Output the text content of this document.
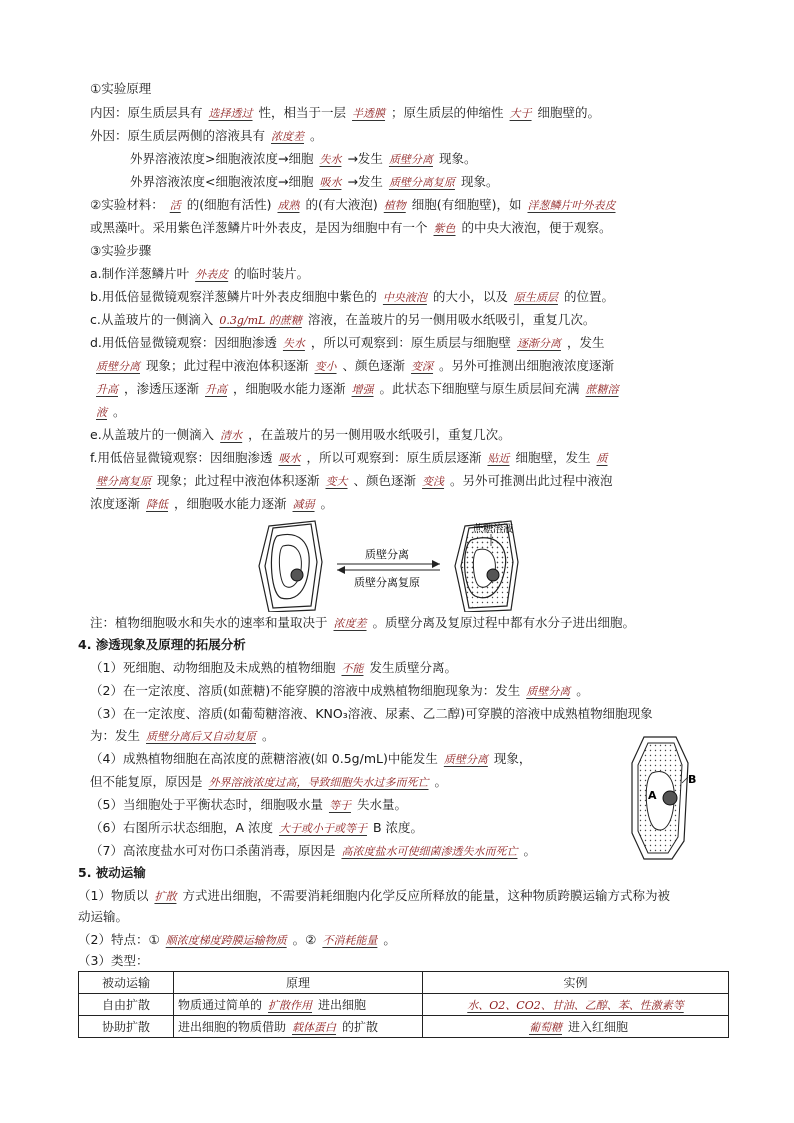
①实验原理
内因：原生质层具有 选择透过 性，相当于一层 半透膜 ；原生质层的伸缩性 大于 细胞壁的。
外因：原生质层两侧的溶液具有 浓度差 。
外界溶液浓度>细胞液浓度→细胞 失水 →发生 质壁分离 现象。
外界溶液浓度<细胞液浓度→细胞 吸水 →发生 质壁分离复原 现象。
②实验材料： 活 的(细胞有活性) 成熟 的(有大液泡) 植物 细胞(有细胞壁)，如 洋葱鳞片叶外表皮
或黑藻叶。采用紫色洋葱鳞片叶外表皮，是因为细胞中有一个 紫色 的中央大液泡，便于观察。
③实验步骤
a.制作洋葱鳞片叶 外表皮 的临时装片。
b.用低倍显微镜观察洋葱鳞片叶外表皮细胞中紫色的 中央液泡 的大小，以及 原生质层 的位置。
c.从盖玻片的一侧滴入 0.3g/mL 的蔗糖 溶液，在盖玻片的另一侧用吸水纸吸引，重复几次。
d.用低倍显微镜观察：因细胞渗透 失水 ，所以可观察到：原生质层与细胞壁 逐渐分离 ，发生
质壁分离 现象；此过程中液泡体积逐渐 变小 、颜色逐渐 变深 。另外可推测出细胞液浓度逐渐
升高 ，渗透压逐渐 升高 ，细胞吸水能力逐渐 增强 。此状态下细胞壁与原生质层间充满 蔗糖溶
液 。
e.从盖玻片的一侧滴入 清水 ，在盖玻片的另一侧用吸水纸吸引，重复几次。
f.用低倍显微镜观察：因细胞渗透 吸水 ，所以可观察到：原生质层逐渐 贴近 细胞壁，发生 质
壁分离复原 现象；此过程中液泡体积逐渐 变大 、颜色逐渐 变浅 。另外可推测出此过程中液泡
浓度逐渐 降低 ，细胞吸水能力逐渐 减弱 。
质壁分离
质壁分离复原
蔗糖溶液
注：植物细胞吸水和失水的速率和量取决于 浓度差 。质壁分离及复原过程中都有水分子进出细胞。
4. 渗透现象及原理的拓展分析
（1）死细胞、动物细胞及未成熟的植物细胞 不能 发生质壁分离。
（2）在一定浓度、溶质(如蔗糖)不能穿膜的溶液中成熟植物细胞现象为：发生 质壁分离 。
（3）在一定浓度、溶质(如葡萄糖溶液、KNO₃溶液、尿素、乙二醇)可穿膜的溶液中成熟植物细胞现象
为：发生 质壁分离后又自动复原 。
（4）成熟植物细胞在高浓度的蔗糖溶液(如 0.5g/mL)中能发生 质壁分离 现象，
但不能复原，原因是 外界溶液浓度过高，导致细胞失水过多而死亡 。
（5）当细胞处于平衡状态时，细胞吸水量 等于 失水量。
（6）右图所示状态细胞，A 浓度 大于或小于或等于 B 浓度。
（7）高浓度盐水可对伤口杀菌消毒，原因是 高浓度盐水可使细菌渗透失水而死亡 。
A
B
5. 被动运输
（1）物质以 扩散 方式进出细胞，不需要消耗细胞内化学反应所释放的能量，这种物质跨膜运输方式称为被
动运输。
（2）特点：① 顺浓度梯度跨膜运输物质 。② 不消耗能量 。
（3）类型：
被动运输	原理	实例
自由扩散	物质通过简单的 扩散作用 进出细胞	水、O2、CO2、甘油、乙醇、苯、性激素等
协助扩散	进出细胞的物质借助 载体蛋白 的扩散	葡萄糖 进入红细胞
